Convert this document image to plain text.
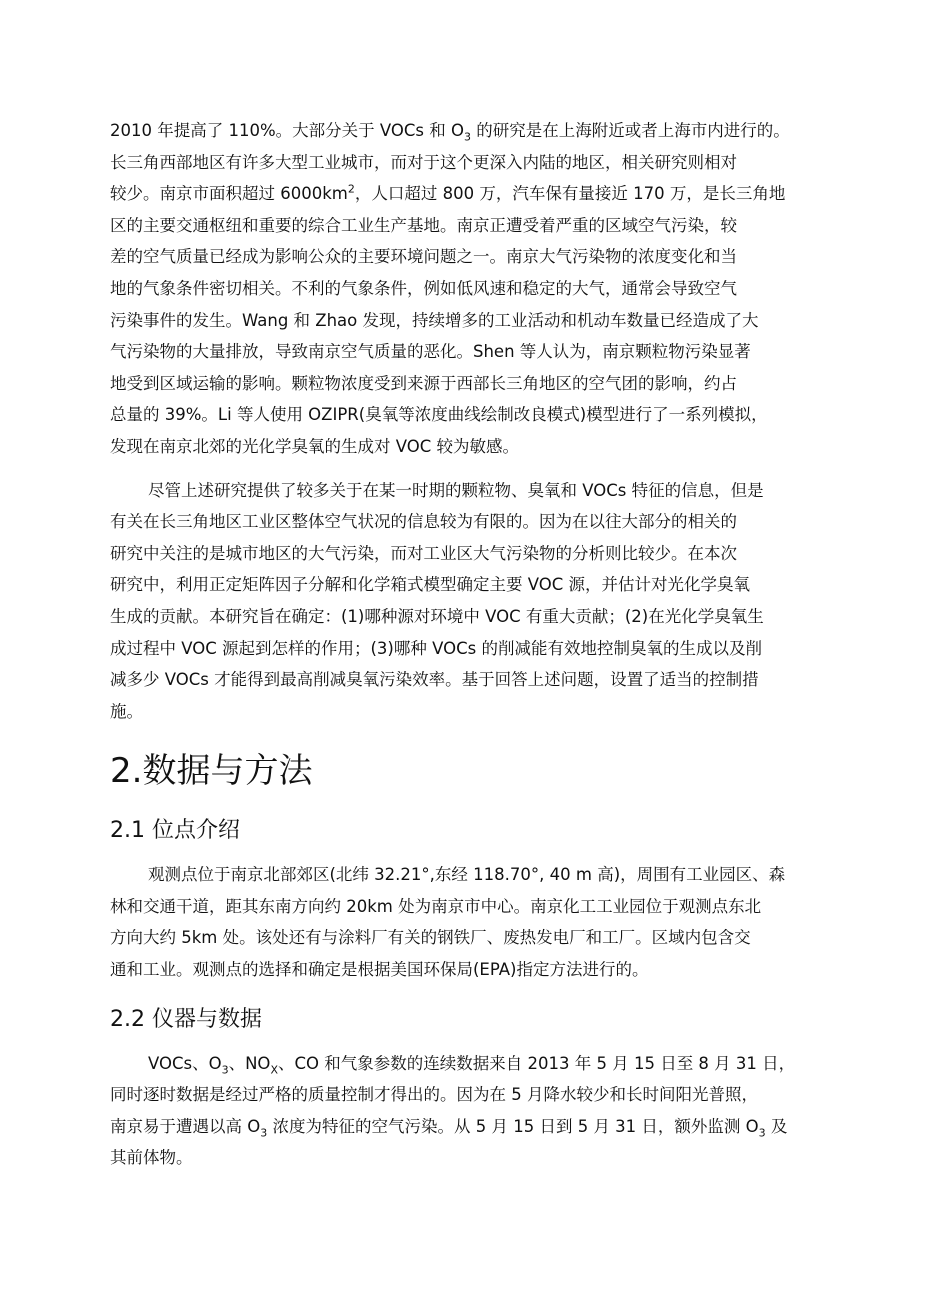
2010 年提高了 110%。大部分关于 VOCs 和 $O_3$ 的研究是在上海附近或者上海市内进行的。
长三角西部地区有许多大型工业城市，而对于这个更深入内陆的地区，相关研究则相对
较少。南京市面积超过 $6000km^2$，人口超过 800 万，汽车保有量接近 170 万，是长三角地
区的主要交通枢纽和重要的综合工业生产基地。南京正遭受着严重的区域空气污染，较
差的空气质量已经成为影响公众的主要环境问题之一。南京大气污染物的浓度变化和当
地的气象条件密切相关。不利的气象条件，例如低风速和稳定的大气，通常会导致空气
污染事件的发生。Wang 和 Zhao 发现，持续增多的工业活动和机动车数量已经造成了大
气污染物的大量排放，导致南京空气质量的恶化。Shen 等人认为，南京颗粒物污染显著
地受到区域运输的影响。颗粒物浓度受到来源于西部长三角地区的空气团的影响，约占
总量的 39%。Li 等人使用 OZIPR(臭氧等浓度曲线绘制改良模式)模型进行了一系列模拟，
发现在南京北郊的光化学臭氧的生成对 VOC 较为敏感。

尽管上述研究提供了较多关于在某一时期的颗粒物、臭氧和 VOCs 特征的信息，但是
有关在长三角地区工业区整体空气状况的信息较为有限的。因为在以往大部分的相关的
研究中关注的是城市地区的大气污染，而对工业区大气污染物的分析则比较少。在本次
研究中，利用正定矩阵因子分解和化学箱式模型确定主要 VOC 源，并估计对光化学臭氧
生成的贡献。本研究旨在确定：(1)哪种源对环境中 VOC 有重大贡献；(2)在光化学臭氧生
成过程中 VOC 源起到怎样的作用；(3)哪种 VOCs 的削减能有效地控制臭氧的生成以及削
减多少 VOCs 才能得到最高削减臭氧污染效率。基于回答上述问题，设置了适当的控制措
施。

2.数据与方法
2.1 位点介绍

观测点位于南京北部郊区(北纬 32.21°,东经 118.70°, 40 m 高)，周围有工业园区、森
林和交通干道，距其东南方向约 20km 处为南京市中心。南京化工工业园位于观测点东北
方向大约 5km 处。该处还有与涂料厂有关的钢铁厂、废热发电厂和工厂。区域内包含交
通和工业。观测点的选择和确定是根据美国环保局(EPA)指定方法进行的。

2.2 仪器与数据

VOCs、$O_3$、$NO_X$、CO 和气象参数的连续数据来自 2013 年 5 月 15 日至 8 月 31 日，
同时逐时数据是经过严格的质量控制才得出的。因为在 5 月降水较少和长时间阳光普照，
南京易于遭遇以高 $O_3$ 浓度为特征的空气污染。从 5 月 15 日到 5 月 31 日，额外监测 $O_3$ 及
其前体物。
